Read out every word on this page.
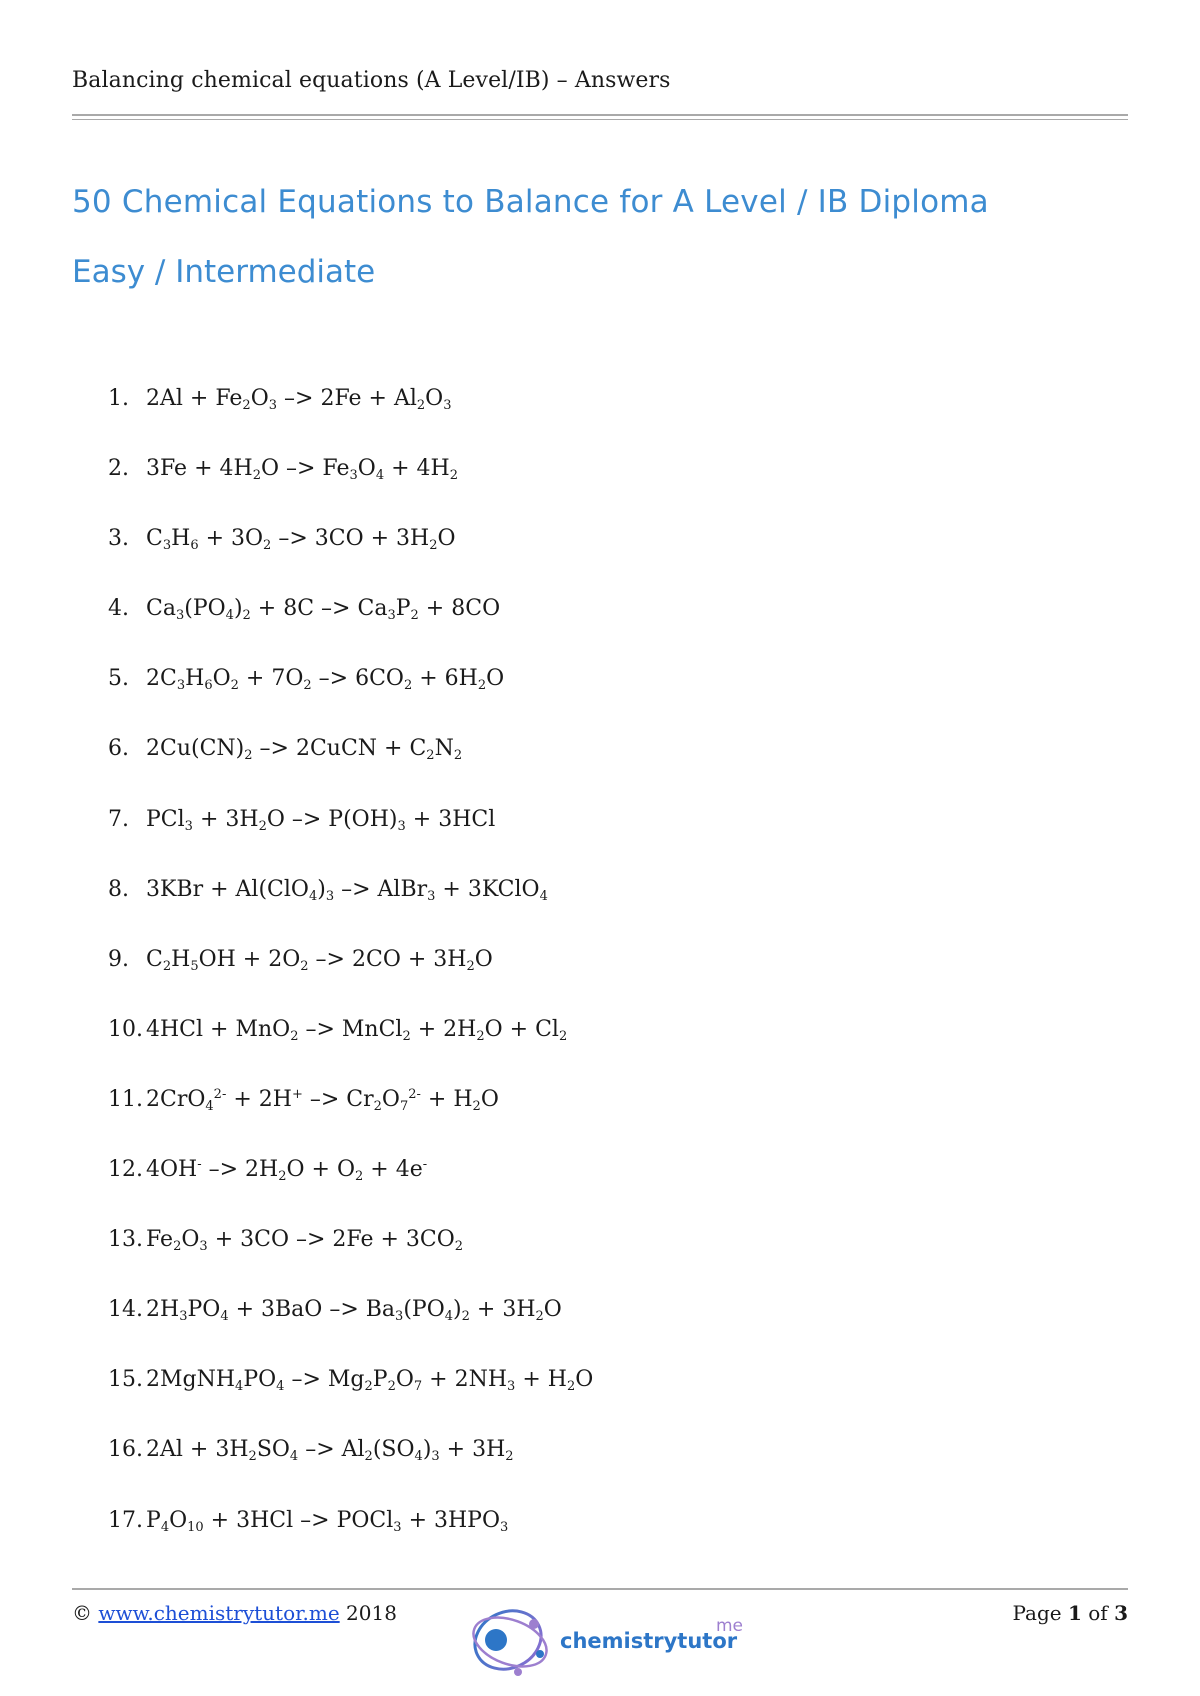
Balancing chemical equations (A Level/IB) – Answers
50 Chemical Equations to Balance for A Level / IB Diploma
Easy / Intermediate
1. $2Al + Fe_2O_3 -> 2Fe + Al_2O_3$
2. $3Fe + 4H_2O -> Fe_3O_4 + 4H_2$
3. $C_3H_6 + 3O_2 -> 3CO + 3H_2O$
4. $Ca_3(PO_4)_2 + 8C -> Ca_3P_2 + 8CO$
5. $2C_3H_6O_2 + 7O_2 -> 6CO_2 + 6H_2O$
6. $2Cu(CN)_2$ –> 2CuCN + $C_2N_2$
7. $PCl_3 + 3H_2O -> P(OH)_3 + 3HCl$
8. $3KBr + Al(ClO_4)_3$ –> AlBr$_3$ + 3KClO$_4$
9. $C_2H_5OH + 2O_2 -> 2CO + 3H_2O$
10. 4HCl + MnO$_2$ –> MnCl$_2$ + $2H_2O + Cl_2$
11. $2CrO_4^{2-} + 2H^+ -> Cr_2O_7^{2-} + H_2O$
12. $4OH^- -> 2H_2O + O_2 + 4e^-$
13. $Fe_2O_3 + 3CO -> 2Fe + 3CO_2$
14. $2H_3PO_4 + 3BaO -> Ba_3(PO_4)_2 + 3H_2O$
15. $2MgNH_4PO_4 -> Mg_2P_2O_7 + 2NH_3 + H_2O$
16. $2Al + 3H_2SO_4 -> Al_2(SO_4)_3 + 3H_2$
17. $P_4O_{10} + 3HCl$ –> POCl$_3$ + $3HPO_3$
© www.chemistrytutor.me 2018
chemistrytutor
me
Page 1 of 3
